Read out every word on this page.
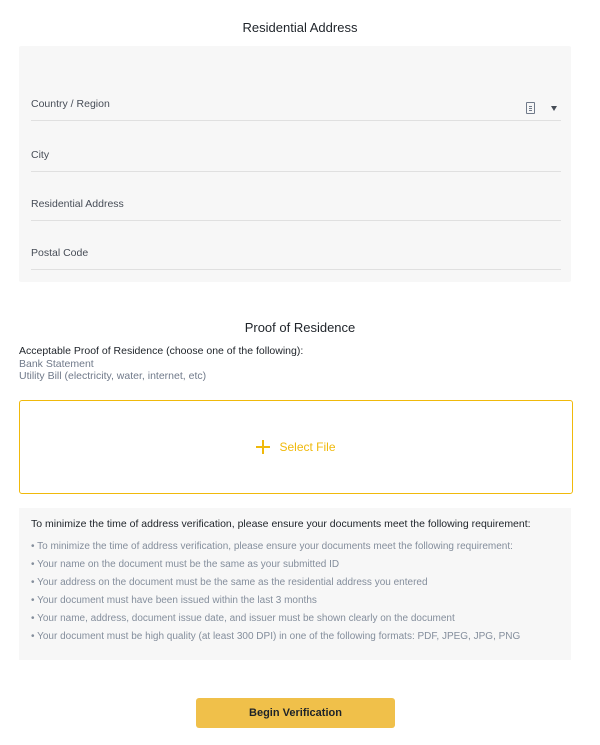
Residential Address
Country / Region
City
Residential Address
Postal Code
Proof of Residence
Acceptable Proof of Residence (choose one of the following):
Bank Statement
Utility Bill (electricity, water, internet, etc)
Select File
To minimize the time of address verification, please ensure your documents meet the following requirement:
• To minimize the time of address verification, please ensure your documents meet the following requirement:
• Your name on the document must be the same as your submitted ID
• Your address on the document must be the same as the residential address you entered
• Your document must have been issued within the last 3 months
• Your name, address, document issue date, and issuer must be shown clearly on the document
• Your document must be high quality (at least 300 DPI) in one of the following formats: PDF, JPEG, JPG, PNG
Begin Verification
